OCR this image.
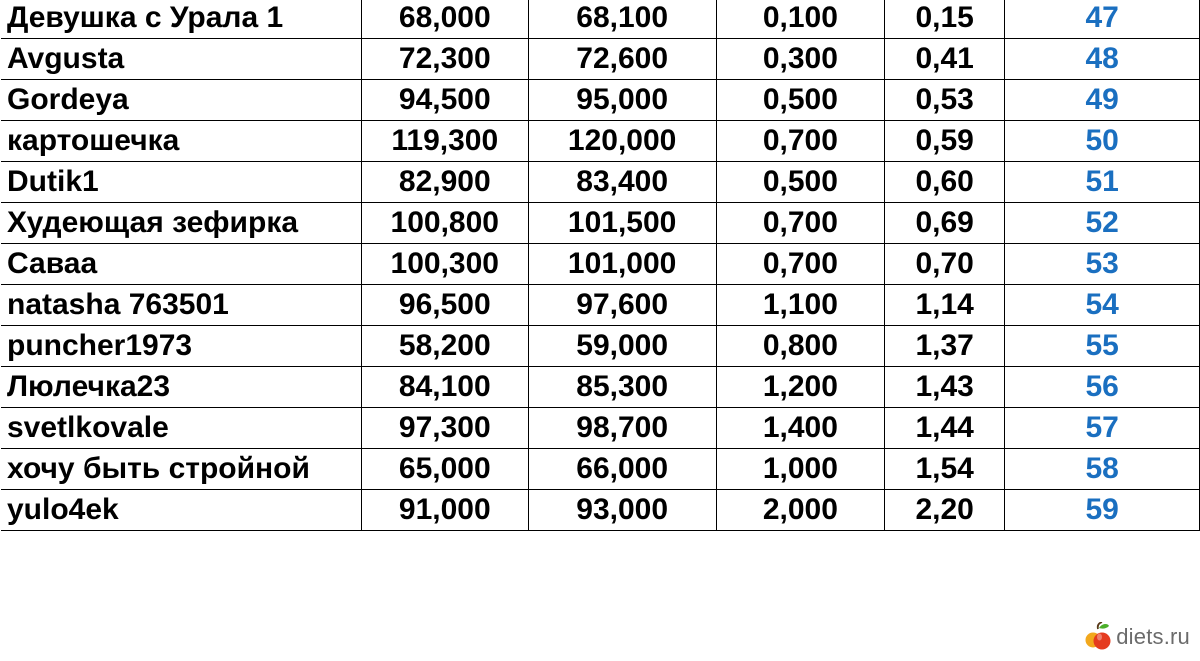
Девушка с Урала 1	68,000	68,100	0,100	0,15	47
Avgusta	72,300	72,600	0,300	0,41	48
Gordeya	94,500	95,000	0,500	0,53	49
картошечка	119,300	120,000	0,700	0,59	50
Dutik1	82,900	83,400	0,500	0,60	51
Худеющая зефирка	100,800	101,500	0,700	0,69	52
Саваа	100,300	101,000	0,700	0,70	53
natasha 763501	96,500	97,600	1,100	1,14	54
puncher1973	58,200	59,000	0,800	1,37	55
Люлечка23	84,100	85,300	1,200	1,43	56
svetlkovale	97,300	98,700	1,400	1,44	57
хочу быть стройной	65,000	66,000	1,000	1,54	58
yulo4ek	91,000	93,000	2,000	2,20	59
diets.ru
